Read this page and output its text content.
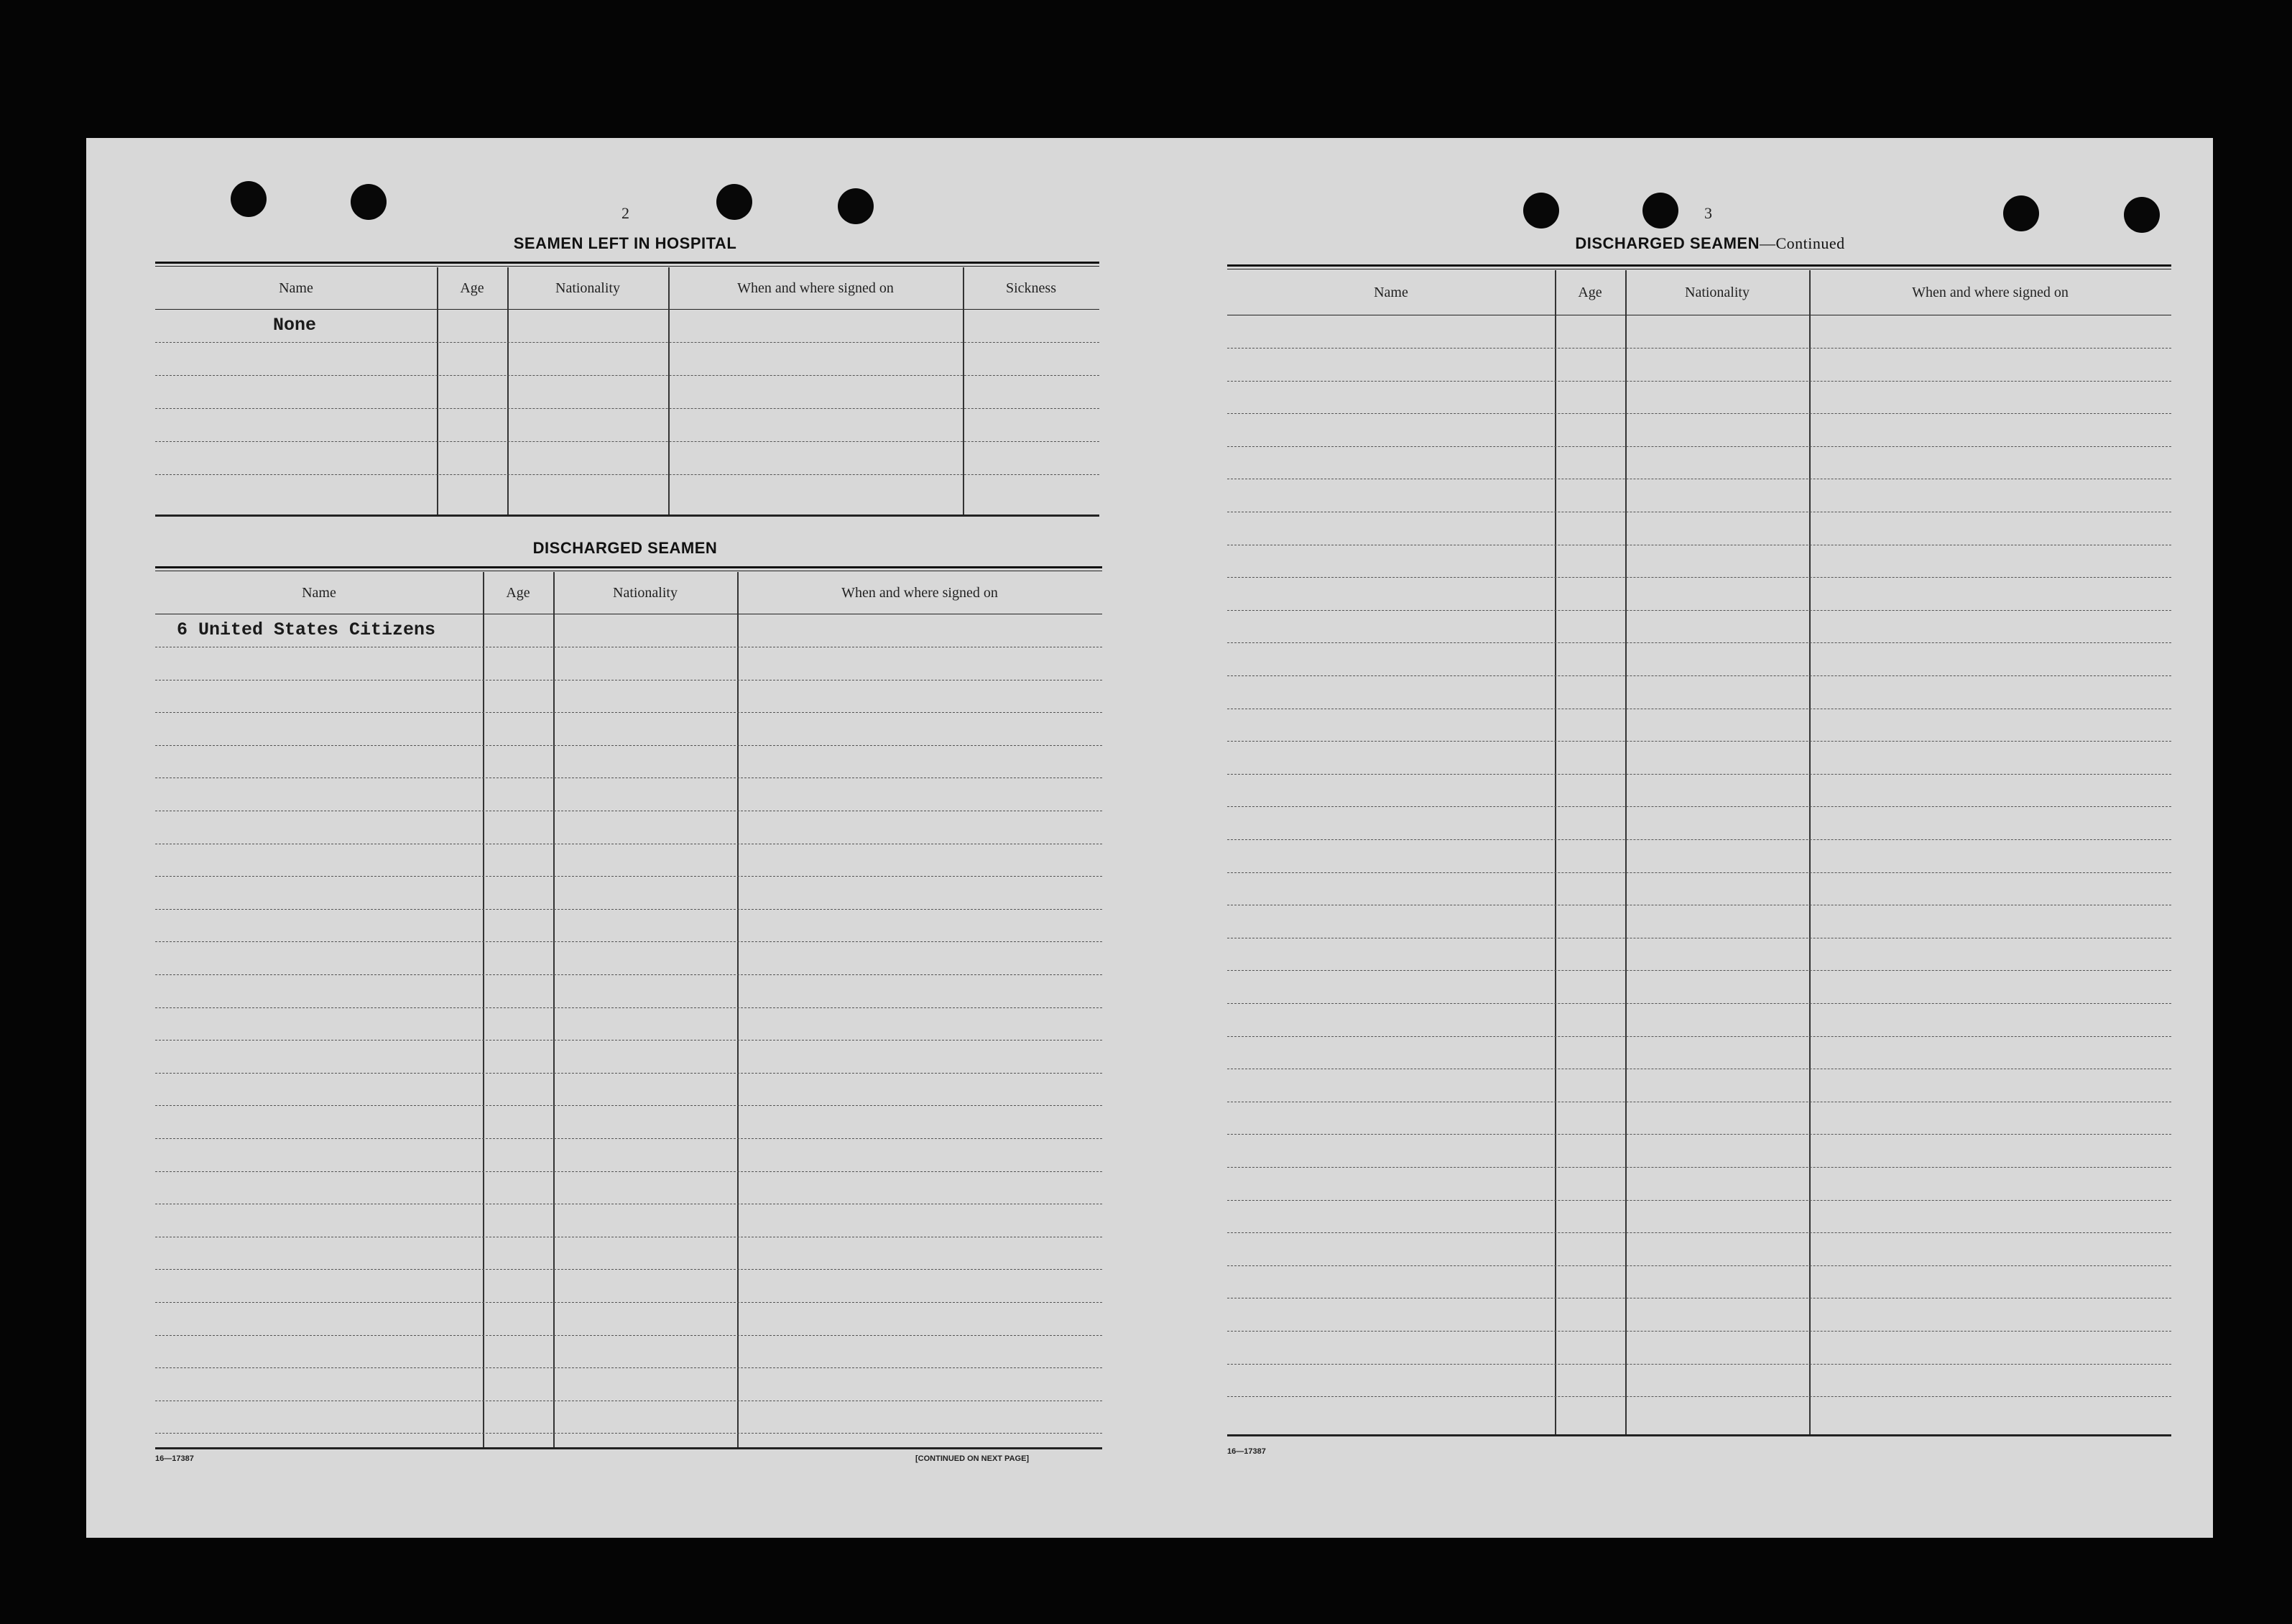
2
SEAMEN LEFT IN HOSPITAL
Name	Age	Nationality	When and where signed on	Sickness
None
DISCHARGED SEAMEN
Name	Age	Nationality	When and where signed on
6 United States Citizens
16—17387	[CONTINUED ON NEXT PAGE]
3
DISCHARGED SEAMEN—Continued
Name	Age	Nationality	When and where signed on
16—17387
